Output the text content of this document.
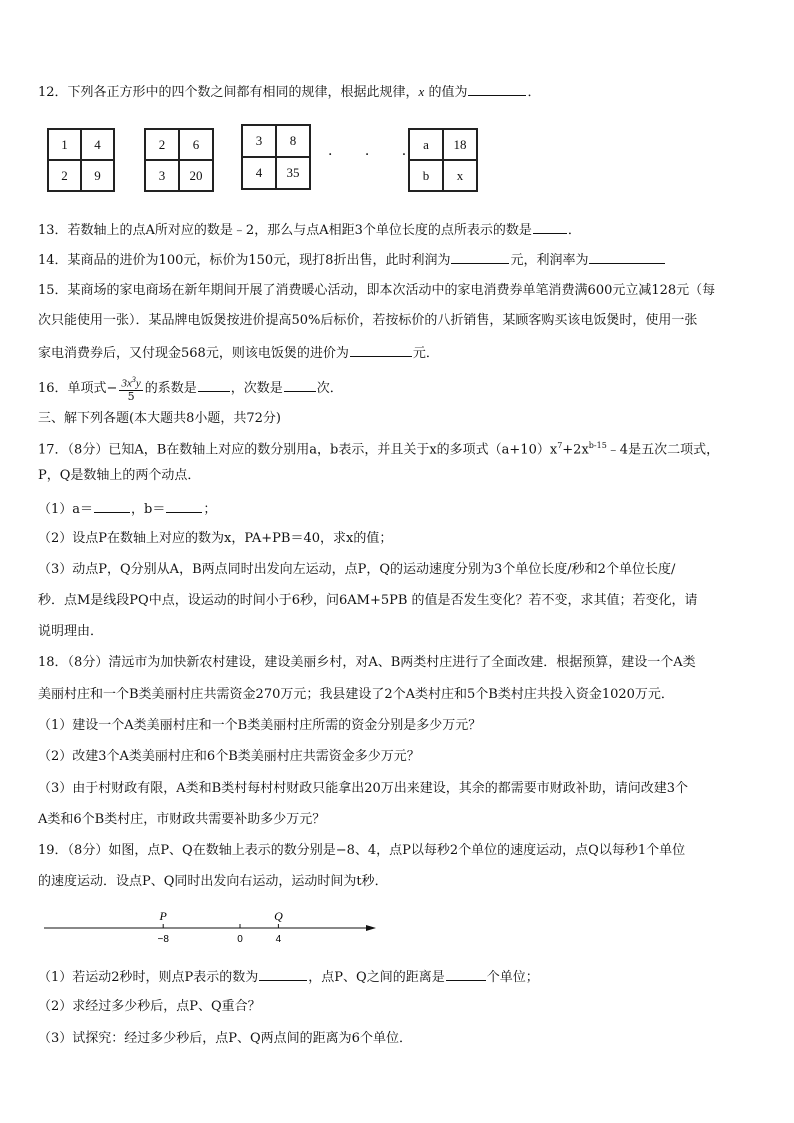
12．下列各正方形中的四个数之间都有相同的规律，根据此规律，x 的值为	．
1	4
2	9
2	6
3	20
3	8
4	35
· · ·
a	18
b	x
13．若数轴上的点A所对应的数是﹣2，那么与点A相距3个单位长度的点所表示的数是	．
14．某商品的进价为100元，标价为150元，现打8折出售，此时利润为	元，利润率为
15．某商场的家电商场在新年期间开展了消费暖心活动，即本次活动中的家电消费券单笔消费满600元立减128元（每
次只能使用一张）．某品牌电饭煲按进价提高50%后标价，若按标价的八折销售，某顾客购买该电饭煲时，使用一张
家电消费券后，又付现金568元，则该电饭煲的进价为	元．
16．单项式− $\frac{3x^3y}{5}$ 的系数是	，次数是	次．
三、解下列各题(本大题共8小题，共72分)
17．（8分）已知A，B在数轴上对应的数分别用a，b表示，并且关于x的多项式$(a+10)x^7+2x^{b-15}﹣4$是五次二项式，
P，Q是数轴上的两个动点．
（1）a＝	，b＝	；
（2）设点P在数轴上对应的数为x，PA+PB＝40，求x的值；
（3）动点P，Q分别从A，B两点同时出发向左运动，点P，Q的运动速度分别为3个单位长度/秒和2个单位长度/
秒．点M是线段PQ中点，设运动的时间小于6秒，问6AM+5PB 的值是否发生变化？若不变，求其值；若变化，请
说明理由．
18．（8分）清远市为加快新农村建设，建设美丽乡村，对A、B两类村庄进行了全面改建．根据预算，建设一个A类
美丽村庄和一个B类美丽村庄共需资金270万元；我县建设了2个A类村庄和5个B类村庄共投入资金1020万元．
（1）建设一个A类美丽村庄和一个B类美丽村庄所需的资金分别是多少万元？
（2）改建3个A类美丽村庄和6个B类美丽村庄共需资金多少万元？
（3）由于村财政有限，A类和B类村每村村财政只能拿出20万出来建设，其余的都需要市财政补助，请问改建3个
A类和6个B类村庄，市财政共需要补助多少万元？
19．（8分）如图，点P、Q在数轴上表示的数分别是−8、4，点P以每秒2个单位的速度运动，点Q以每秒1个单位
的速度运动．设点P、Q同时出发向右运动，运动时间为t秒．
−8	0	4
P	Q
（1）若运动2秒时，则点P表示的数为	，点P、Q之间的距离是	个单位；
（2）求经过多少秒后，点P、Q重合？
（3）试探究：经过多少秒后，点P、Q两点间的距离为6个单位．
